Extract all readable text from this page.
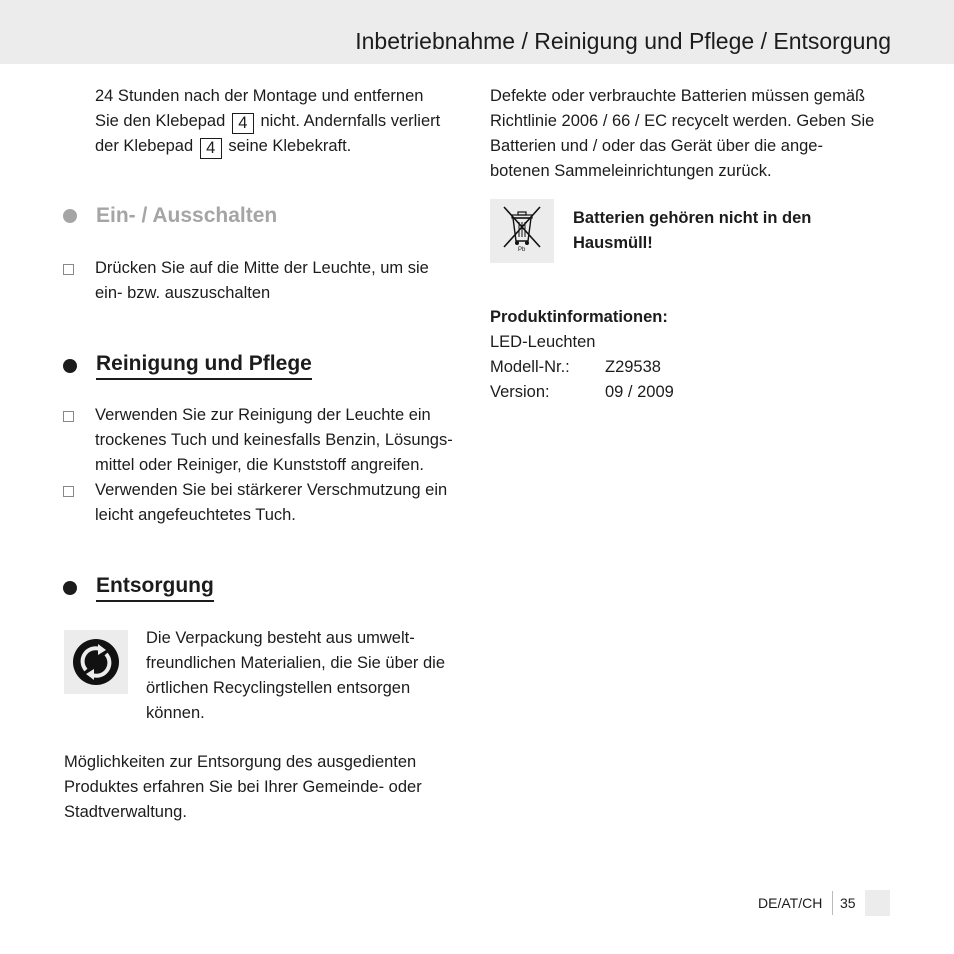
Inbetriebnahme / Reinigung und Pflege / Entsorgung

24 Stunden nach der Montage und entfernen
Sie den Klebepad 4 nicht. Andernfalls verliert
der Klebepad 4 seine Klebekraft.

Ein- / Ausschalten

Drücken Sie auf die Mitte der Leuchte, um sie ein- bzw. auszuschalten

Reinigung und Pflege

Verwenden Sie zur Reinigung der Leuchte ein trockenes Tuch und keinesfalls Benzin, Lösungs- mittel oder Reiniger, die Kunststoff angreifen.

Verwenden Sie bei stärkerer Verschmutzung ein leicht angefeuchtetes Tuch.

Entsorgung

Die Verpackung besteht aus umwelt- freundlichen Materialien, die Sie über die örtlichen Recyclingstellen entsorgen können.

Möglichkeiten zur Entsorgung des ausgedienten Produktes erfahren Sie bei Ihrer Gemeinde- oder Stadtverwaltung.

Defekte oder verbrauchte Batterien müssen gemäß Richtlinie 2006 / 66 / EC recycelt werden. Geben Sie Batterien und / oder das Gerät über die ange- botenen Sammeleinrichtungen zurück.

Pb

Batterien gehören nicht in den Hausmüll!

Produktinformationen:
LED-Leuchten
Modell-Nr.: Z29538
Version:	09 / 2009
DE/AT/CH 35
